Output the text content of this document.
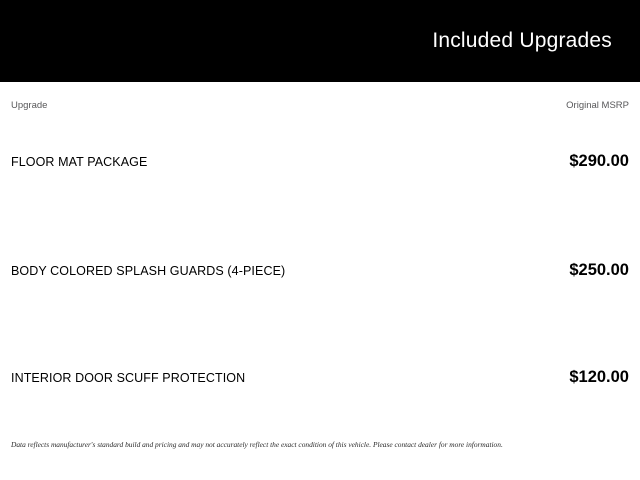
Included Upgrades
Upgrade	Original MSRP
FLOOR MAT PACKAGE	$290.00
BODY COLORED SPLASH GUARDS (4-PIECE)	$250.00
INTERIOR DOOR SCUFF PROTECTION	$120.00
Data reflects manufacturer's standard build and pricing and may not accurately reflect the exact condition of this vehicle. Please contact dealer for more information.
